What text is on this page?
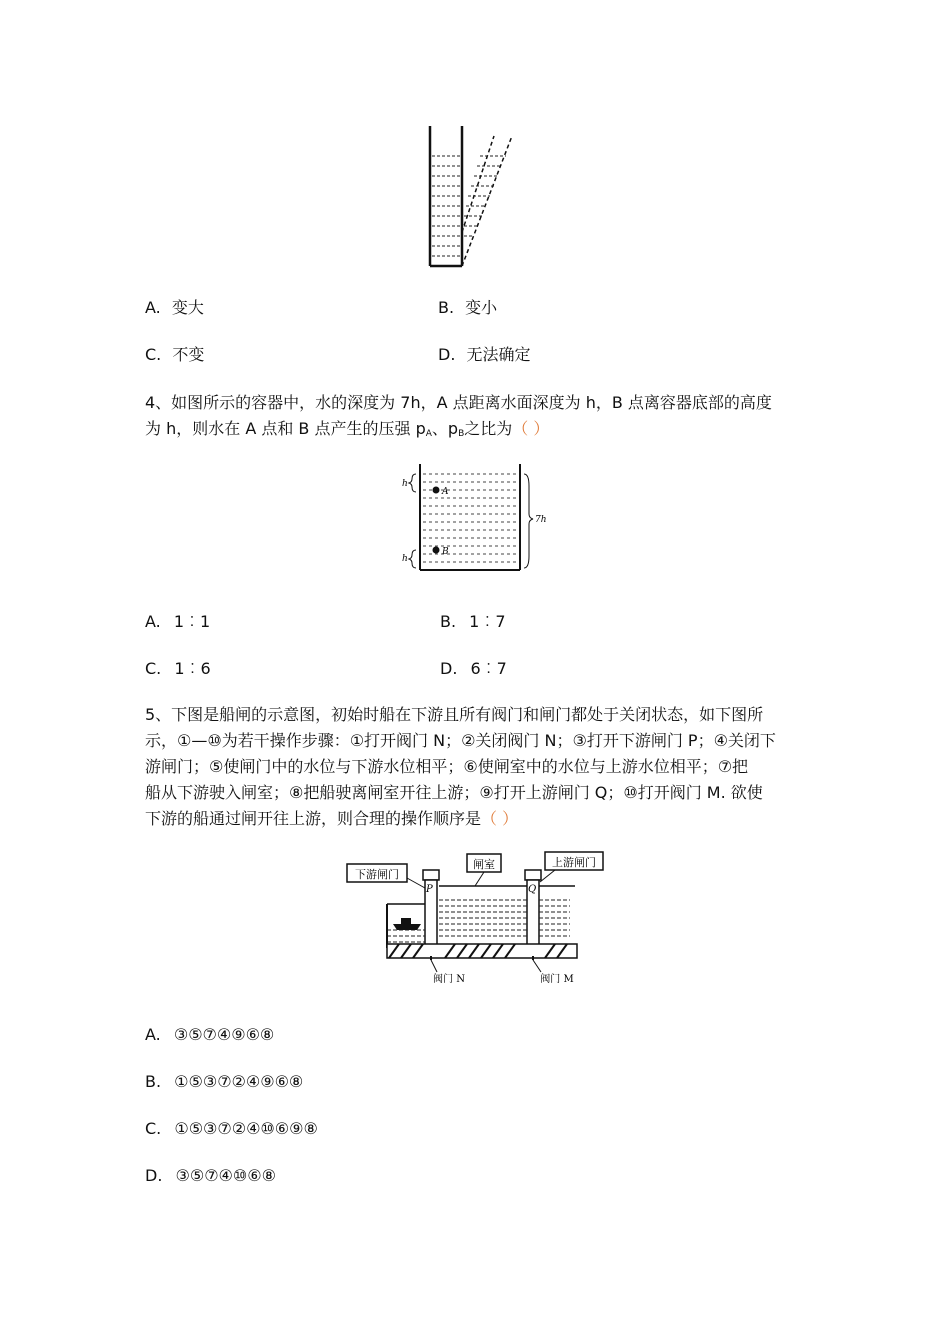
A. 变大	B. 变小
C. 不变	D. 无法确定
4、如图所示的容器中，水的深度为 7h，A 点距离水面深度为 h，B 点离容器底部的高度
为 h，则水在 A 点和 B 点产生的压强 $p_A$、$p_B$之比为（ ）
A
B
h
h
7h
A. 1︰1	B. 1︰7
C. 1︰6	D. 6︰7
5、下图是船闸的示意图，初始时船在下游且所有阀门和闸门都处于关闭状态，如下图所
示，①—⑩为若干操作步骤：①打开阀门 N；②关闭阀门 N；③打开下游闸门 P；④关闭下
游闸门；⑤使闸门中的水位与下游水位相平；⑥使闸室中的水位与上游水位相平；⑦把
船从下游驶入闸室；⑧把船驶离闸室开往上游；⑨打开上游闸门 Q；⑩打开阀门 M. 欲使
下游的船通过闸开往上游，则合理的操作顺序是（ ）
下游闸门
闸室	上游闸门
P	Q
阀门 N	阀门 M
A. ③⑤⑦④⑨⑥⑧
B. ①⑤③⑦②④⑨⑥⑧
C. ①⑤③⑦②④⑩⑥⑨⑧
D. ③⑤⑦④⑩⑥⑧
